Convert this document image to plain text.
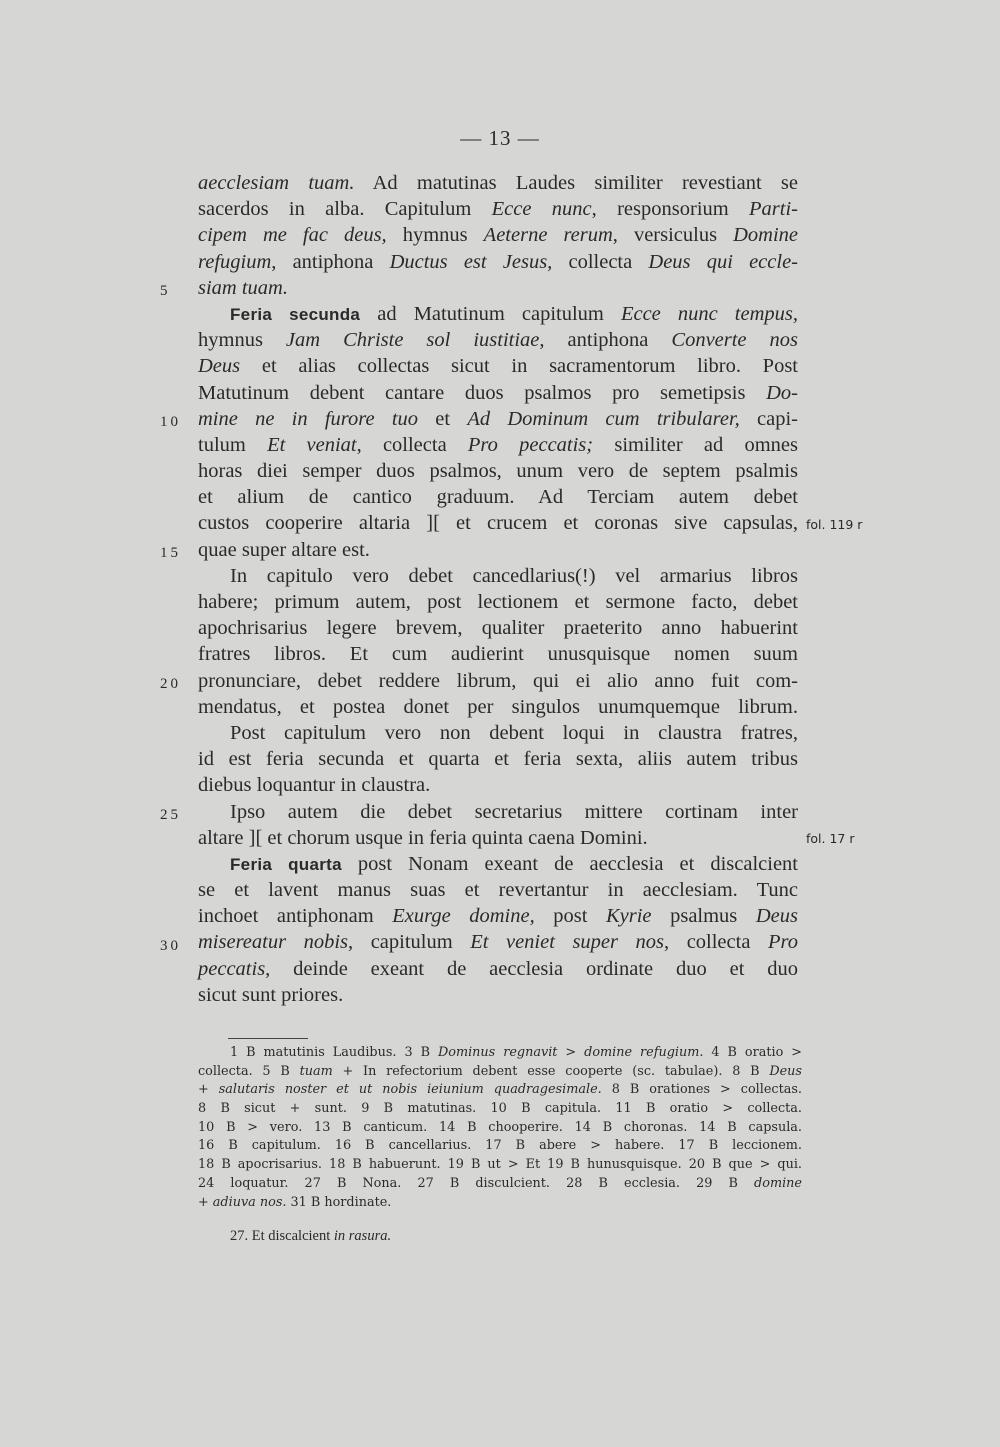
— 13 —
aecclesiam tuam. Ad matutinas Laudes similiter revestiant se
sacerdos in alba. Capitulum Ecce nunc, responsorium Parti-
cipem me fac deus, hymnus Aeterne rerum, versiculus Domine
refugium, antiphona Ductus est Jesus, collecta Deus qui eccle-
siam tuam.
Feria secunda ad Matutinum capitulum Ecce nunc tempus,
hymnus Jam Christe sol iustitiae, antiphona Converte nos
Deus et alias collectas sicut in sacramentorum libro. Post
Matutinum debent cantare duos psalmos pro semetipsis Do-
mine ne in furore tuo et Ad Dominum cum tribularer, capi-
tulum Et veniat, collecta Pro peccatis; similiter ad omnes
horas diei semper duos psalmos, unum vero de septem psalmis
et alium de cantico graduum. Ad Terciam autem debet
custos cooperire altaria ][ et crucem et coronas sive capsulas,
quae super altare est.
In capitulo vero debet cancedlarius(!) vel armarius libros
habere; primum autem, post lectionem et sermone facto, debet
apochrisarius legere brevem, qualiter praeterito anno habuerint
fratres libros. Et cum audierint unusquisque nomen suum
pronunciare, debet reddere librum, qui ei alio anno fuit com-
mendatus, et postea donet per singulos unumquemque librum.
Post capitulum vero non debent loqui in claustra fratres,
id est feria secunda et quarta et feria sexta, aliis autem tribus
diebus loquantur in claustra.
Ipso autem die debet secretarius mittere cortinam inter
altare ][ et chorum usque in feria quinta caena Domini.
Feria quarta post Nonam exeant de aecclesia et discalcient
se et lavent manus suas et revertantur in aecclesiam. Tunc
inchoet antiphonam Exurge domine, post Kyrie psalmus Deus
misereatur nobis, capitulum Et veniet super nos, collecta Pro
peccatis, deinde exeant de aecclesia ordinate duo et duo
sicut sunt priores.
5
10
15
20
25
30
fol. 119 r
fol. 17 r
1 B matutinis Laudibus. 3 B Dominus regnavit > domine refugium. 4 B oratio >
collecta. 5 B tuam + In refectorium debent esse cooperte (sc. tabulae). 8 B Deus
+ salutaris noster et ut nobis ieiunium quadragesimale. 8 B orationes > collectas.
8 B sicut + sunt. 9 B matutinas. 10 B capitula. 11 B oratio > collecta.
10 B > vero. 13 B canticum. 14 B chooperire. 14 B choronas. 14 B capsula.
16 B capitulum. 16 B cancellarius. 17 B abere > habere. 17 B leccionem.
18 B apocrisarius. 18 B habuerunt. 19 B ut > Et 19 B hunusquisque. 20 B que > qui.
24 loquatur. 27 B Nona. 27 B disculcient. 28 B ecclesia. 29 B domine
+ adiuva nos. 31 B hordinate.
27. Et discalcient in rasura.
